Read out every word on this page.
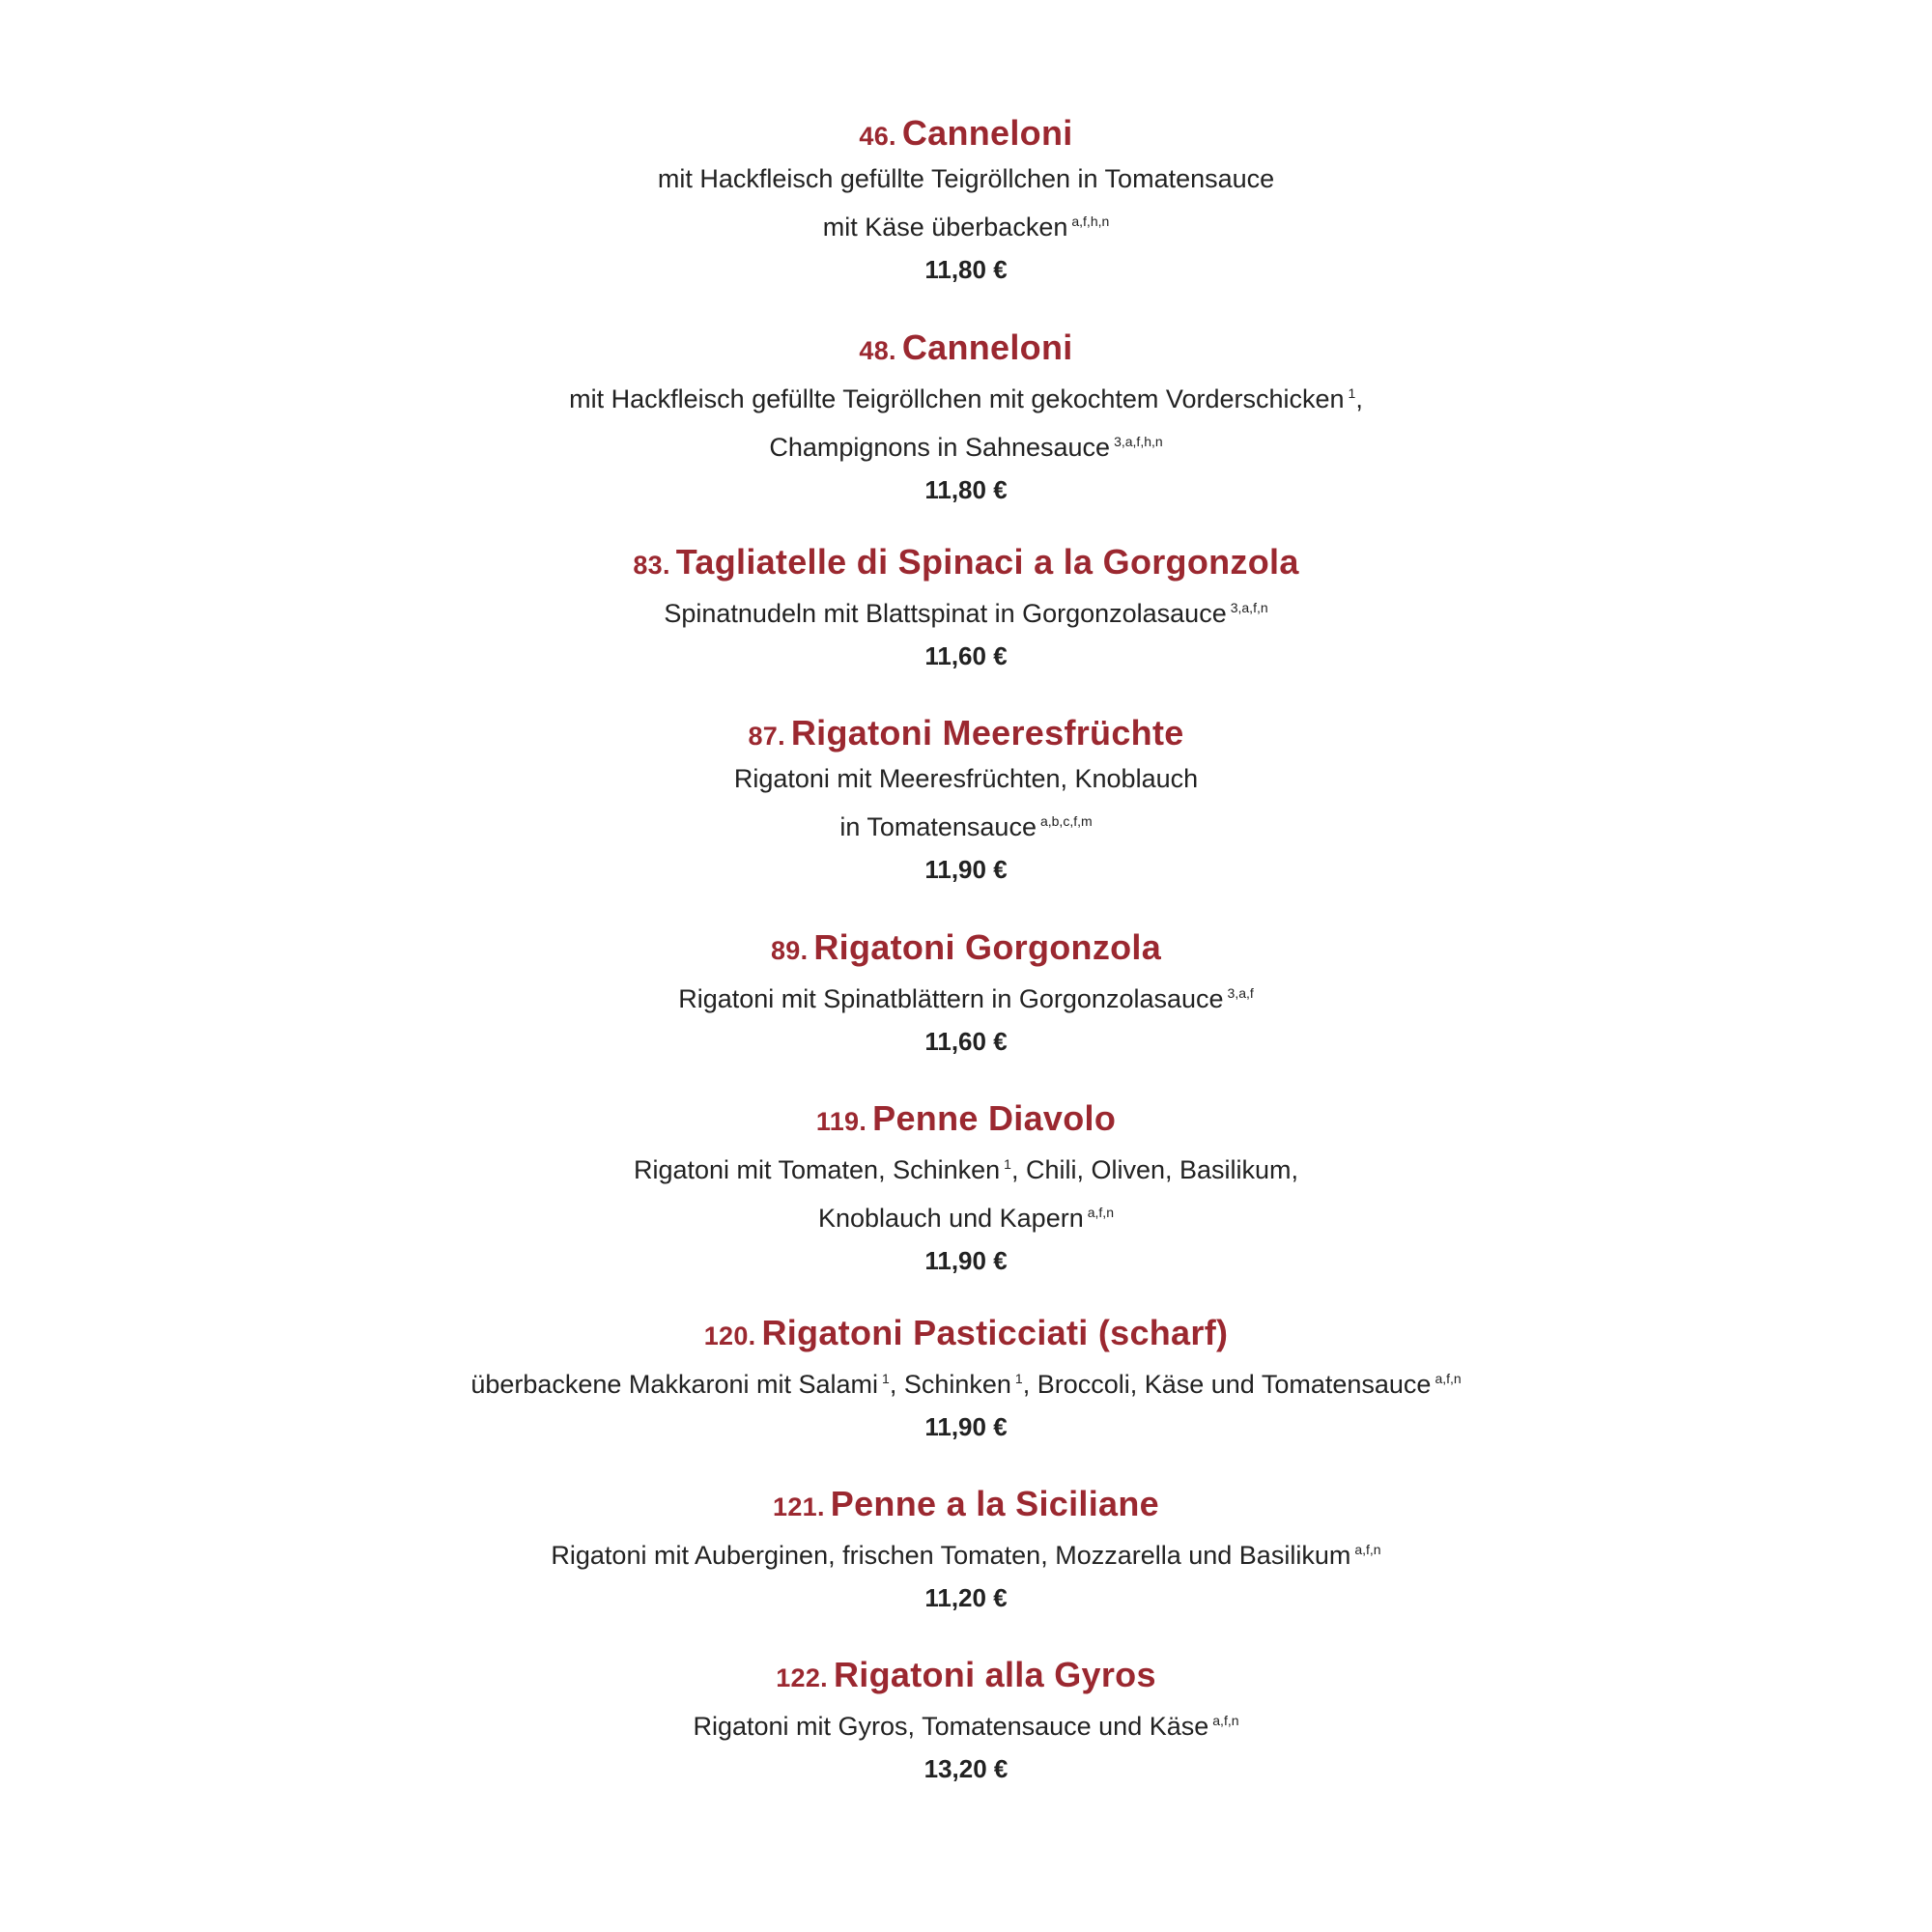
46. Canneloni
mit Hackfleisch gefüllte Teigröllchen in Tomatensauce
mit Käse überbacken $^{a,f,h,n}$
11,80 €
48. Canneloni
mit Hackfleisch gefüllte Teigröllchen mit gekochtem Vorderschicken $^1$,
Champignons in Sahnesauce $^{3,a,f,h,n}$
11,80 €
83. Tagliatelle di Spinaci a la Gorgonzola
Spinatnudeln mit Blattspinat in Gorgonzolasauce $^{3,a,f,n}$
11,60 €
87. Rigatoni Meeresfrüchte
Rigatoni mit Meeresfrüchten, Knoblauch
in Tomatensauce $^{a,b,c,f,m}$
11,90 €
89. Rigatoni Gorgonzola
Rigatoni mit Spinatblättern in Gorgonzolasauce $^{3,a,f}$
11,60 €
119. Penne Diavolo
Rigatoni mit Tomaten, Schinken $^1$, Chili, Oliven, Basilikum,
Knoblauch und Kapern $^{a,f,n}$
11,90 €
120. Rigatoni Pasticciati (scharf)
überbackene Makkaroni mit Salami $^1$, Schinken $^1$, Broccoli, Käse und Tomatensauce $^{a,f,n}$
11,90 €
121. Penne a la Siciliane
Rigatoni mit Auberginen, frischen Tomaten, Mozzarella und Basilikum $^{a,f,n}$
11,20 €
122. Rigatoni alla Gyros
Rigatoni mit Gyros, Tomatensauce und Käse $^{a,f,n}$
13,20 €
